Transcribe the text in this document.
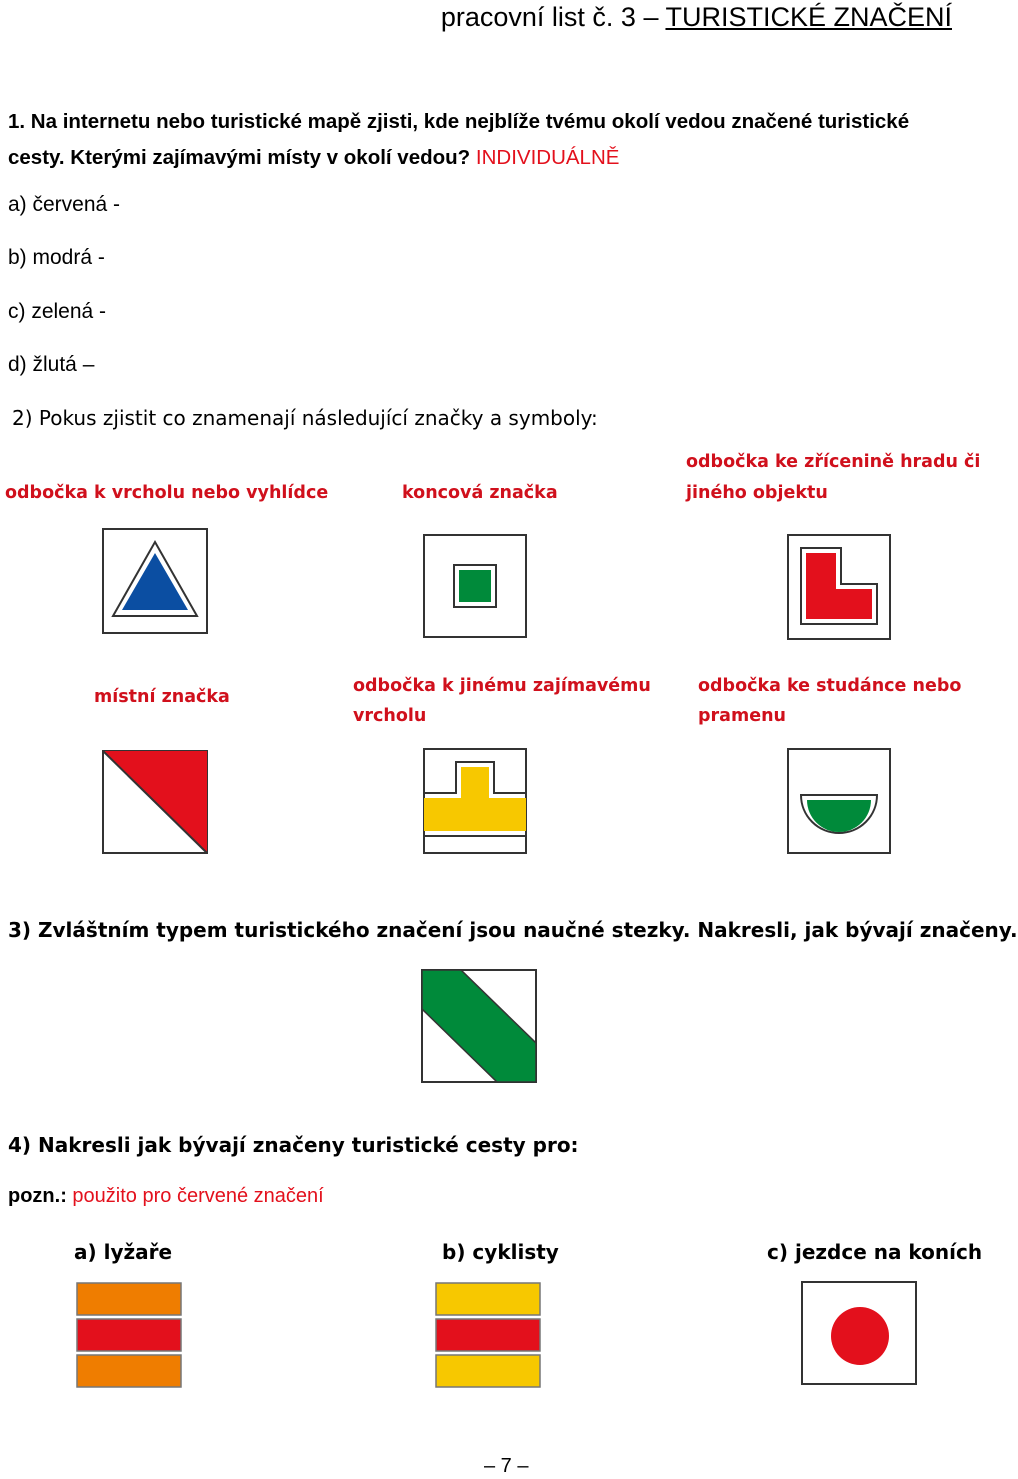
pracovní list č. 3 – TURISTICKÉ ZNAČENÍ
1. Na internetu nebo turistické mapě zjisti, kde nejblíže tvému okolí vedou značené turistické cesty. Kterými zajímavými místy v okolí vedou? INDIVIDUÁLNĚ
a) červená -
b) modrá -
c) zelená -
d) žlutá –
2) Pokus zjistit co znamenají následující značky a symboly:
odbočka k vrcholu nebo vyhlídce	koncová značka
odbočka ke zřícenině hradu či
jiného objektu
místní značka
odbočka k jinému zajímavému
vrcholu
odbočka ke studánce nebo
pramenu
3) Zvláštním typem turistického značení jsou naučné stezky. Nakresli, jak bývají značeny.
4) Nakresli jak bývají značeny turistické cesty pro:
pozn.: použito pro červené značení
a) lyžaře	b) cyklisty	c) jezdce na koních
– 7 –
